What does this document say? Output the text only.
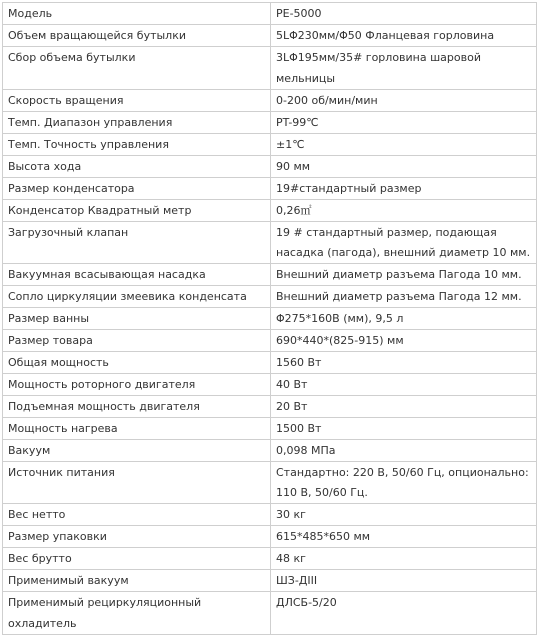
Модель	PE-5000
Объем вращающейся бутылки	5LΦ230мм/Φ50 Фланцевая горловина
Сбор объема бутылки	3LΦ195мм/35# горловина шаровой мельницы
Скорость вращения	0-200 об/мин/мин
Темп. Диапазон управления	PT-99℃
Темп. Точность управления	±1℃
Высота хода	90 мм
Размер конденсатора	19#стандартный размер
Конденсатор Квадратный метр	0,26㎡
Загрузочный клапан	19 # стандартный размер, подающая насадка (пагода), внешний диаметр 10 мм.
Вакуумная всасывающая насадка	Внешний диаметр разъема Пагода 10 мм.
Сопло циркуляции змеевика конденсата	Внешний диаметр разъема Пагода 12 мм.
Размер ванны	Φ275*160В (мм), 9,5 л
Размер товара	690*440*(825-915) мм
Общая мощность	1560 Вт
Мощность роторного двигателя	40 Вт
Подъемная мощность двигателя	20 Вт
Мощность нагрева	1500 Вт
Вакуум	0,098 МПа
Источник питания	Стандартно: 220 В, 50/60 Гц, опционально: 110 В, 50/60 Гц.
Вес нетто	30 кг
Размер упаковки	615*485*650 мм
Вес брутто	48 кг
Применимый вакуум	ШЗ-ДIII
Применимый рециркуляционный охладитель	ДЛСБ-5/20
